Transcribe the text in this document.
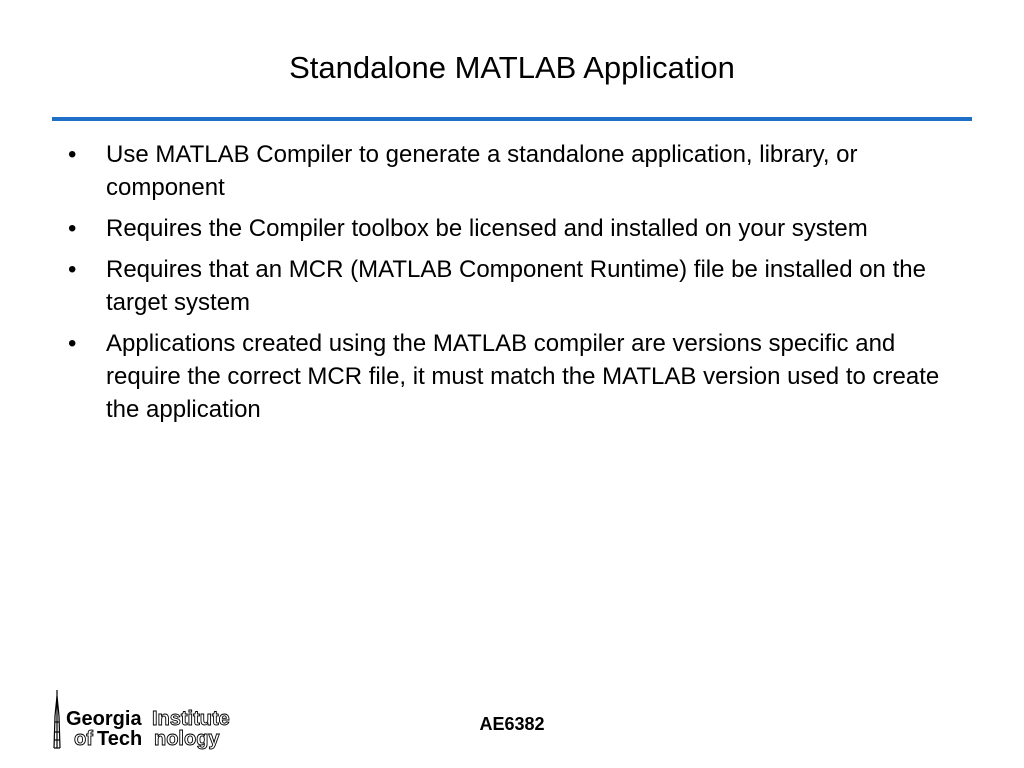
Standalone MATLAB Application
•	Use MATLAB Compiler to generate a standalone application, library, or component
•	Requires the Compiler toolbox be licensed and installed on your system
•	Requires that an MCR (MATLAB Component Runtime) file be installed on the target system
•	Applications created using the MATLAB compiler are versions specific and require the correct MCR file, it must match the MATLAB version used to create the application
Georgia Institute
of Tech nology
AE6382
